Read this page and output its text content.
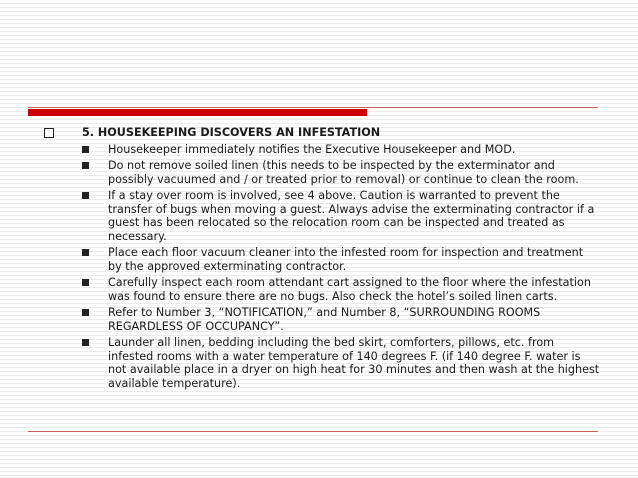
5. HOUSEKEEPING DISCOVERS AN INFESTATION
Housekeeper immediately notifies the Executive Housekeeper and MOD.
Do not remove soiled linen (this needs to be inspected by the exterminator and possibly vacuumed and / or treated prior to removal) or continue to clean the room.
If a stay over room is involved, see 4 above. Caution is warranted to prevent the transfer of bugs when moving a guest. Always advise the exterminating contractor if a guest has been relocated so the relocation room can be inspected and treated as necessary.
Place each floor vacuum cleaner into the infested room for inspection and treatment by the approved exterminating contractor.
Carefully inspect each room attendant cart assigned to the floor where the infestation was found to ensure there are no bugs. Also check the hotel’s soiled linen carts.
Refer to Number 3, “NOTIFICATION,” and Number 8, “SURROUNDING ROOMS REGARDLESS OF OCCUPANCY”.
Launder all linen, bedding including the bed skirt, comforters, pillows, etc. from infested rooms with a water temperature of 140 degrees F. (if 140 degree F. water is not available place in a dryer on high heat for 30 minutes and then wash at the highest available temperature).
